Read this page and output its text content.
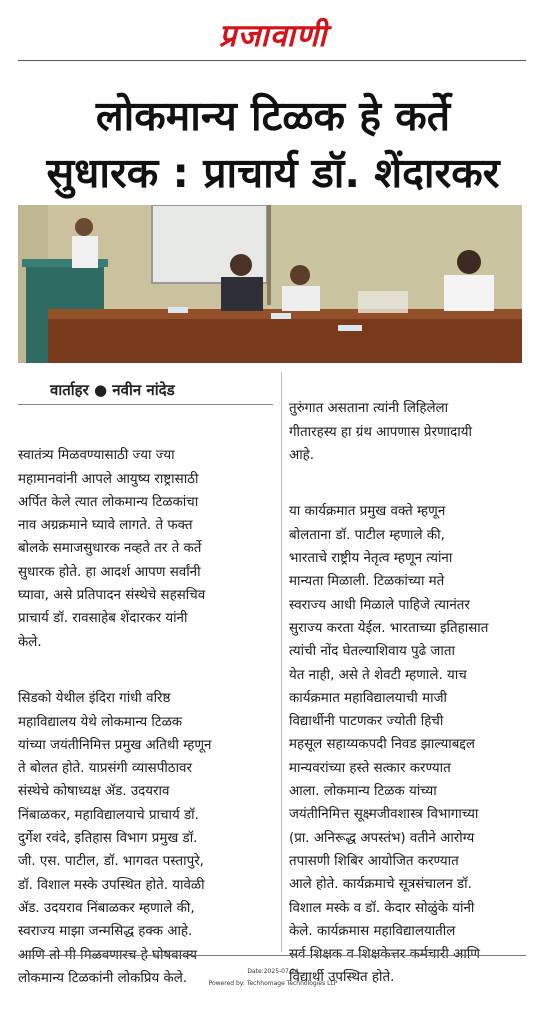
प्रजावाणी
लोकमान्य टिळक हे कर्ते
सुधारक : प्राचार्य डॉ. शेंदारकर
वार्ताहर ● नवीन नांदेड

स्वातंत्र्य मिळवण्यासाठी ज्या ज्या
महामानवांनी आपले आयुष्य राष्ट्रासाठी
अर्पित केले त्यात लोकमान्य टिळकांचा
नाव अग्रक्रमाने घ्यावे लागते. ते फक्त
बोलके समाजसुधारक नव्हते तर ते कर्ते
सुधारक होते. हा आदर्श आपण सर्वांनी
घ्यावा, असे प्रतिपादन संस्थेचे सहसचिव
प्राचार्य डॉ. रावसाहेब शेंदारकर यांनी
केले.

सिडको येथील इंदिरा गांधी वरिष्ठ
महाविद्यालय येथे लोकमान्य टिळक
यांच्या जयंतीनिमित्त प्रमुख अतिथी म्हणून
ते बोलत होते. याप्रसंगी व्यासपीठावर
संस्थेचे कोषाध्यक्ष ॲड. उदयराव
निंबाळकर, महाविद्यालयाचे प्राचार्य डॉ.
दुर्गेश रवंदे, इतिहास विभाग प्रमुख डॉ.
जी. एस. पाटील, डॉ. भागवत पस्तापुरे,
डॉ. विशाल मस्के उपस्थित होते. यावेळी
ॲड. उदयराव निंबाळकर म्हणाले की,
स्वराज्य माझा जन्मसिद्ध हक्क आहे.
आणि तो मी मिळवणारच हे घोषवाक्य
लोकमान्य टिळकांनी लोकप्रिय केले.

तुरुंगात असताना त्यांनी लिहिलेला
गीतारहस्य हा ग्रंथ आपणास प्रेरणादायी
आहे.

या कार्यक्रमात प्रमुख वक्ते म्हणून
बोलताना डॉ. पाटील म्हणाले की,
भारताचे राष्ट्रीय नेतृत्व म्हणून त्यांना
मान्यता मिळाली. टिळकांच्या मते
स्वराज्य आधी मिळाले पाहिजे त्यानंतर
सुराज्य करता येईल. भारताच्या इतिहासात
त्यांची नोंद घेतल्याशिवाय पुढे जाता
येत नाही, असे ते शेवटी म्हणाले. याच
कार्यक्रमात महाविद्यालयाची माजी
विद्यार्थीनी पाटणकर ज्योती हिची
महसूल सहाय्यकपदी निवड झाल्याबद्दल
मान्यवरांच्या हस्ते सत्कार करण्यात
आला. लोकमान्य टिळक यांच्या
जयंतीनिमित्त सूक्ष्मजीवशास्त्र विभागाच्या
(प्रा. अनिरूद्ध अपस्तंभ) वतीने आरोग्य
तपासणी शिबिर आयोजित करण्यात
आले होते. कार्यक्रमाचे सूत्रसंचालन डॉ.
विशाल मस्के व डॉ. केदार सोळुंके यांनी
केले. कार्यक्रमास महाविद्यालयातील
सर्व शिक्षक व शिक्षकेत्तर कर्मचारी आणि
विद्यार्थी उपस्थित होते.

Date:2025-07-24
Powered by: Techhomage Technologies LLP
